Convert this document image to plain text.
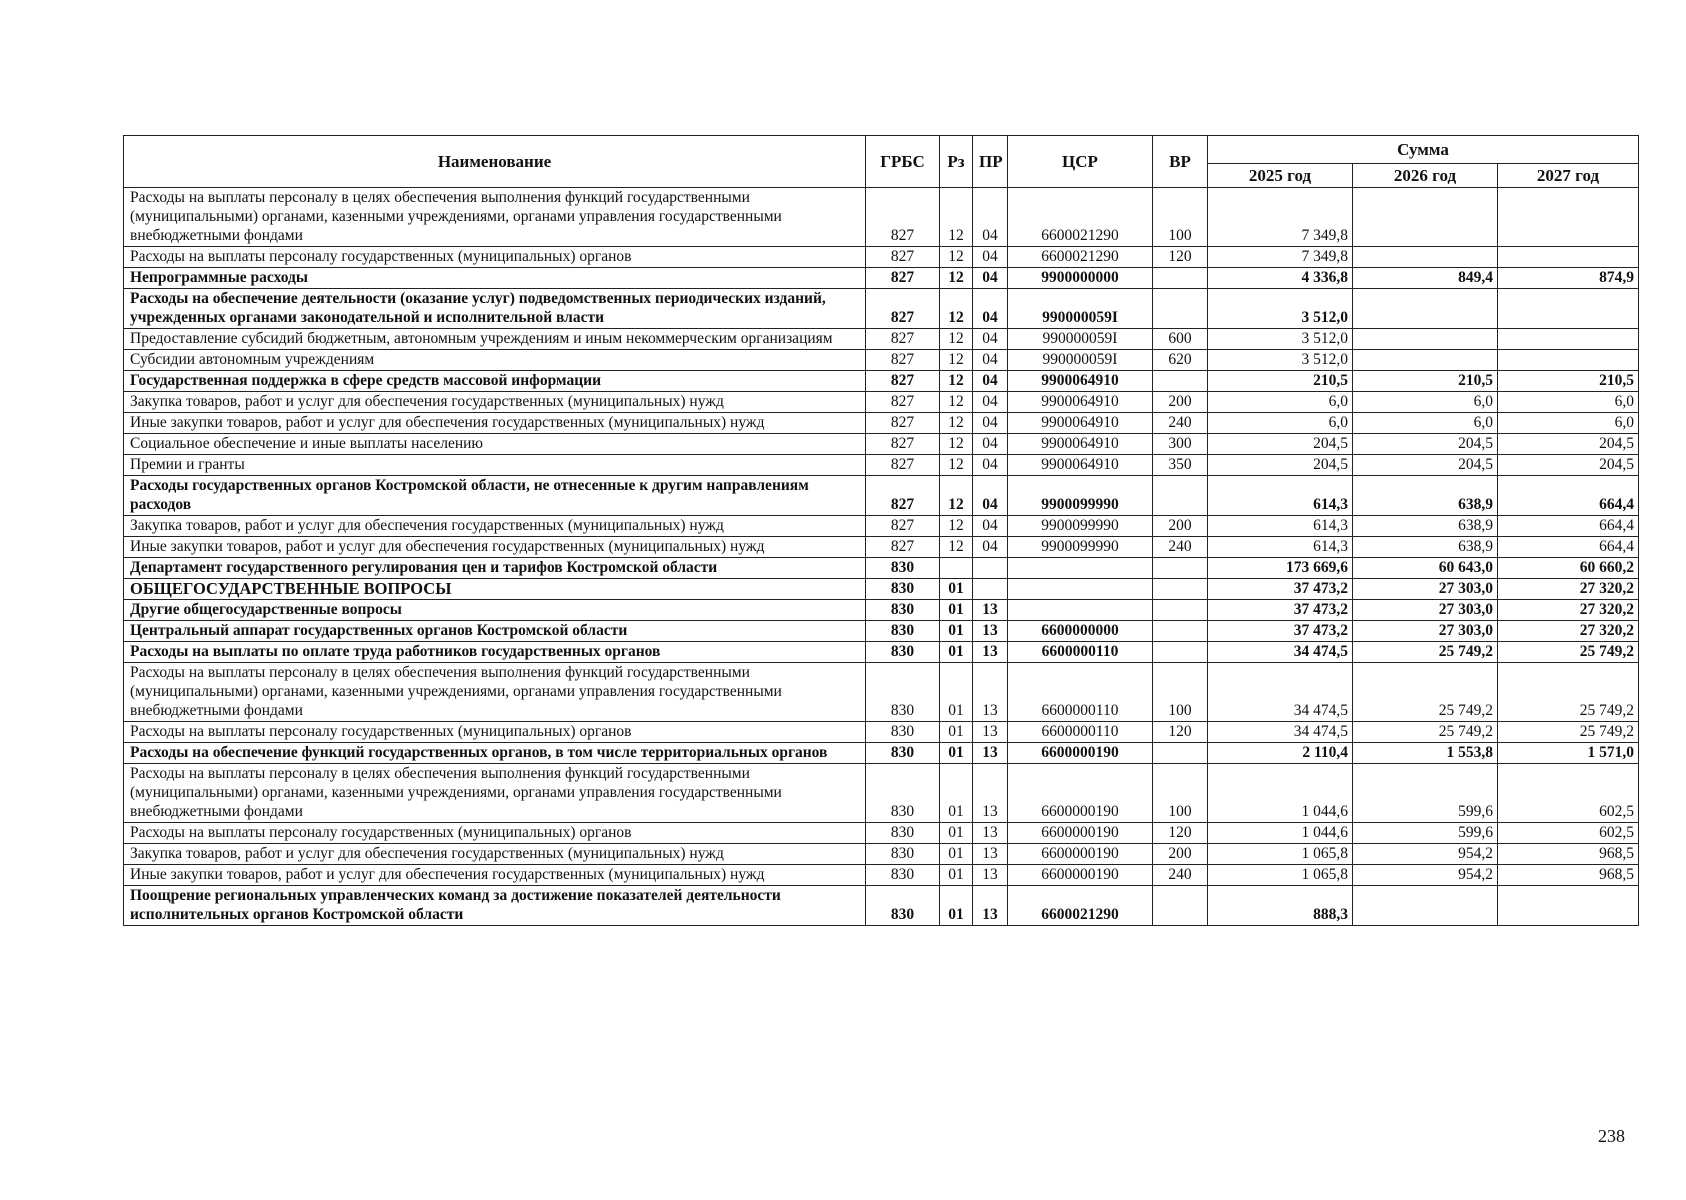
Наименование	ГРБС	Рз	ПР	ЦСР	ВР	Сумма		
						2025 год	2026 год	2027 год
Расходы на выплаты персоналу в целях обеспечения выполнения функций государственными (муниципальными) органами, казенными учреждениями, органами управления государственными внебюджетными фондами	827	12	04	6600021290	100	7 349,8		
Расходы на выплаты персоналу государственных (муниципальных) органов	827	12	04	6600021290	120	7 349,8		
Непрограммные расходы	827	12	04	9900000000		4 336,8	849,4	874,9
Расходы на обеспечение деятельности (оказание услуг) подведомственных периодических изданий, учрежденных органами законодательной и исполнительной власти	827	12	04	990000059I		3 512,0		
Предоставление субсидий бюджетным, автономным учреждениям и иным некоммерческим организациям	827	12	04	990000059I	600	3 512,0		
Субсидии автономным учреждениям	827	12	04	990000059I	620	3 512,0		
Государственная поддержка в сфере средств массовой информации	827	12	04	9900064910		210,5	210,5	210,5
Закупка товаров, работ и услуг для обеспечения государственных (муниципальных) нужд	827	12	04	9900064910	200	6,0	6,0	6,0
Иные закупки товаров, работ и услуг для обеспечения государственных (муниципальных) нужд	827	12	04	9900064910	240	6,0	6,0	6,0
Социальное обеспечение и иные выплаты населению	827	12	04	9900064910	300	204,5	204,5	204,5
Премии и гранты	827	12	04	9900064910	350	204,5	204,5	204,5
Расходы государственных органов Костромской области, не отнесенные к другим направлениям расходов	827	12	04	9900099990		614,3	638,9	664,4
Закупка товаров, работ и услуг для обеспечения государственных (муниципальных) нужд	827	12	04	9900099990	200	614,3	638,9	664,4
Иные закупки товаров, работ и услуг для обеспечения государственных (муниципальных) нужд	827	12	04	9900099990	240	614,3	638,9	664,4
Департамент государственного регулирования цен и тарифов Костромской области	830					173 669,6	60 643,0	60 660,2
ОБЩЕГОСУДАРСТВЕННЫЕ ВОПРОСЫ	830	01				37 473,2	27 303,0	27 320,2
Другие общегосударственные вопросы	830	01	13			37 473,2	27 303,0	27 320,2
Центральный аппарат государственных органов Костромской области	830	01	13	6600000000		37 473,2	27 303,0	27 320,2
Расходы на выплаты по оплате труда работников государственных органов	830	01	13	6600000110		34 474,5	25 749,2	25 749,2
Расходы на выплаты персоналу в целях обеспечения выполнения функций государственными (муниципальными) органами, казенными учреждениями, органами управления государственными внебюджетными фондами	830	01	13	6600000110	100	34 474,5	25 749,2	25 749,2
Расходы на выплаты персоналу государственных (муниципальных) органов	830	01	13	6600000110	120	34 474,5	25 749,2	25 749,2
Расходы на обеспечение функций государственных органов, в том числе территориальных органов	830	01	13	6600000190		2 110,4	1 553,8	1 571,0
Расходы на выплаты персоналу в целях обеспечения выполнения функций государственными (муниципальными) органами, казенными учреждениями, органами управления государственными внебюджетными фондами	830	01	13	6600000190	100	1 044,6	599,6	602,5
Расходы на выплаты персоналу государственных (муниципальных) органов	830	01	13	6600000190	120	1 044,6	599,6	602,5
Закупка товаров, работ и услуг для обеспечения государственных (муниципальных) нужд	830	01	13	6600000190	200	1 065,8	954,2	968,5
Иные закупки товаров, работ и услуг для обеспечения государственных (муниципальных) нужд	830	01	13	6600000190	240	1 065,8	954,2	968,5
Поощрение региональных управленческих команд за достижение показателей деятельности исполнительных органов Костромской области	830	01	13	6600021290		888,3		
238
